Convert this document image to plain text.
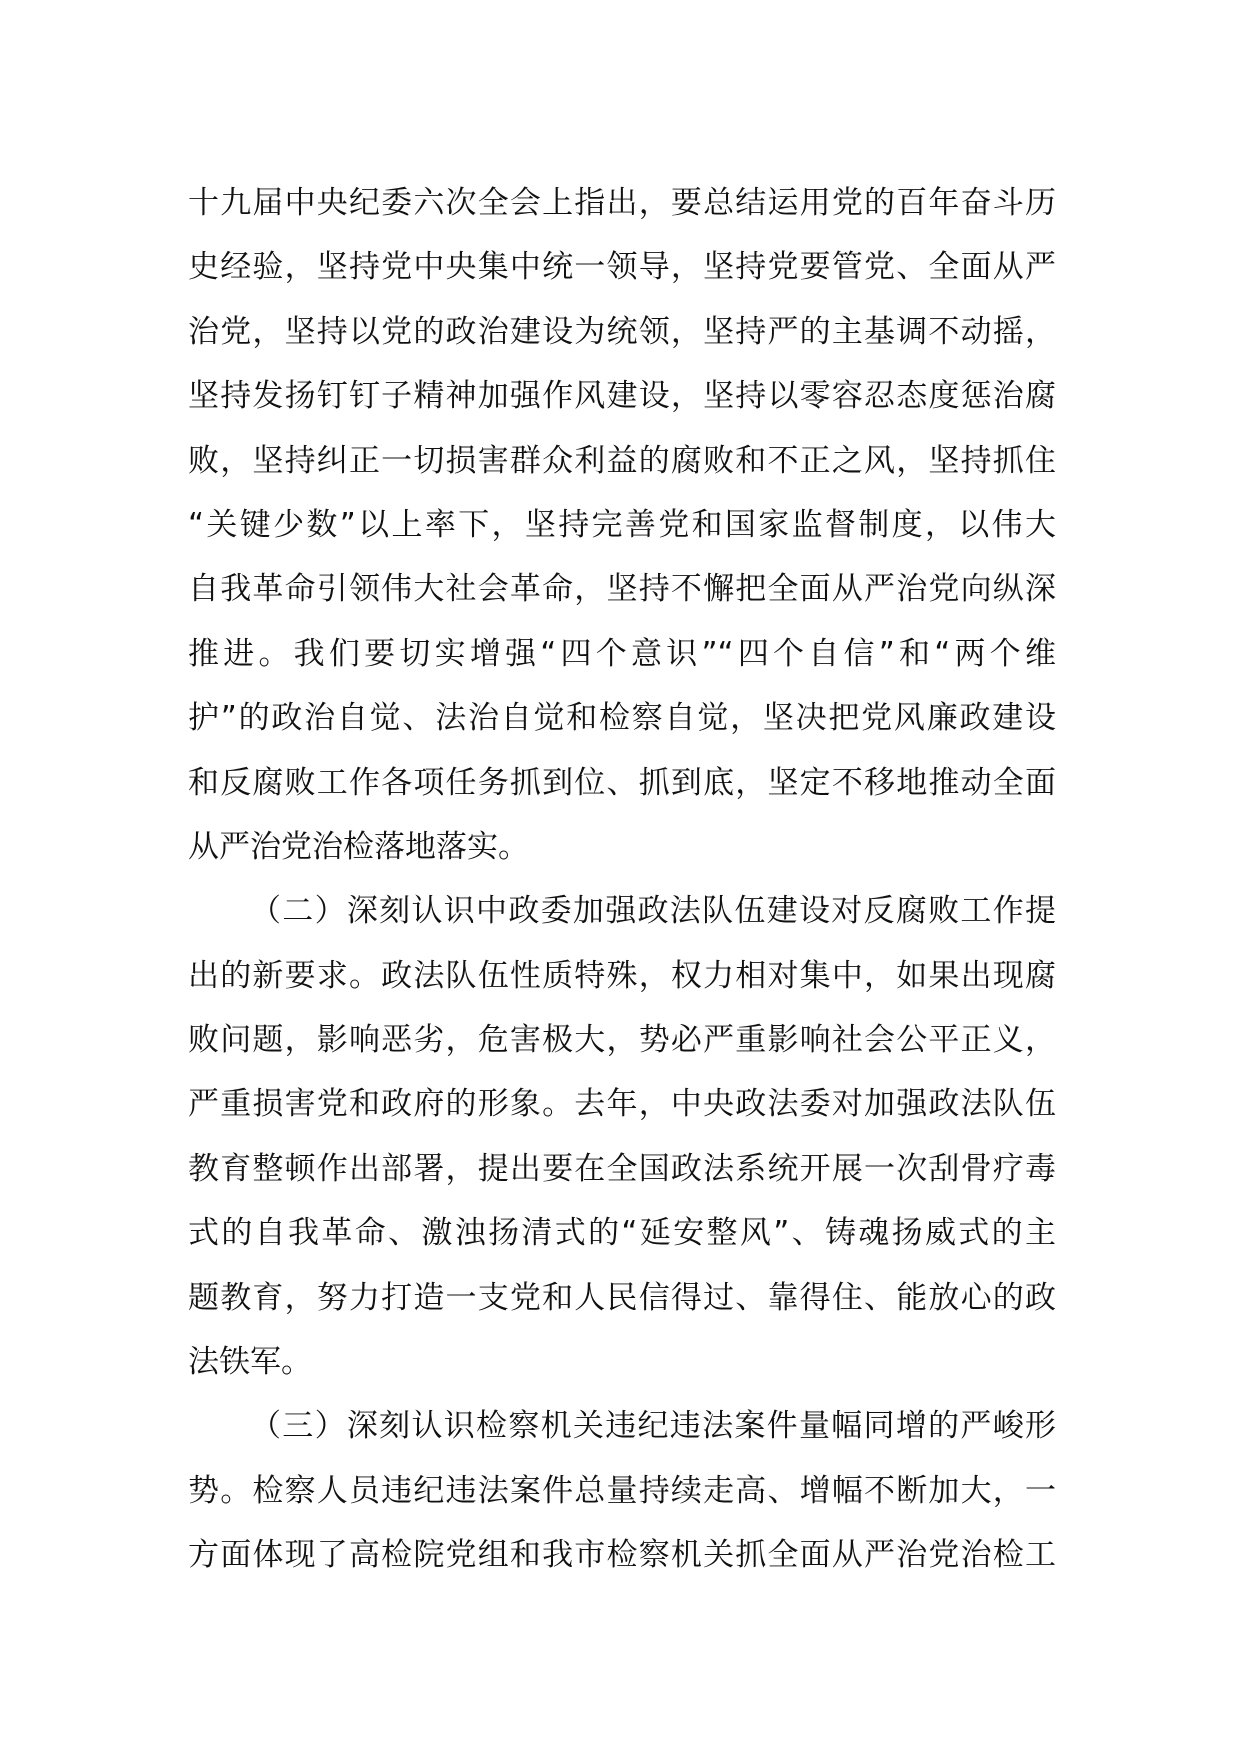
十九届中央纪委六次全会上指出，要总结运用党的百年奋斗历
史经验，坚持党中央集中统一领导，坚持党要管党、全面从严
治党，坚持以党的政治建设为统领，坚持严的主基调不动摇，
坚持发扬钉钉子精神加强作风建设，坚持以零容忍态度惩治腐
败，坚持纠正一切损害群众利益的腐败和不正之风，坚持抓住
“关键少数”以上率下，坚持完善党和国家监督制度，以伟大
自我革命引领伟大社会革命，坚持不懈把全面从严治党向纵深
推进。我们要切实增强“四个意识”“四个自信”和“两个维
护”的政治自觉、法治自觉和检察自觉，坚决把党风廉政建设
和反腐败工作各项任务抓到位、抓到底，坚定不移地推动全面
从严治党治检落地落实。
（二）深刻认识中政委加强政法队伍建设对反腐败工作提
出的新要求。政法队伍性质特殊，权力相对集中，如果出现腐
败问题，影响恶劣，危害极大，势必严重影响社会公平正义，
严重损害党和政府的形象。去年，中央政法委对加强政法队伍
教育整顿作出部署，提出要在全国政法系统开展一次刮骨疗毒
式的自我革命、激浊扬清式的“延安整风”、铸魂扬威式的主
题教育，努力打造一支党和人民信得过、靠得住、能放心的政
法铁军。
（三）深刻认识检察机关违纪违法案件量幅同增的严峻形
势。检察人员违纪违法案件总量持续走高、增幅不断加大，一
方面体现了高检院党组和我市检察机关抓全面从严治党治检工
